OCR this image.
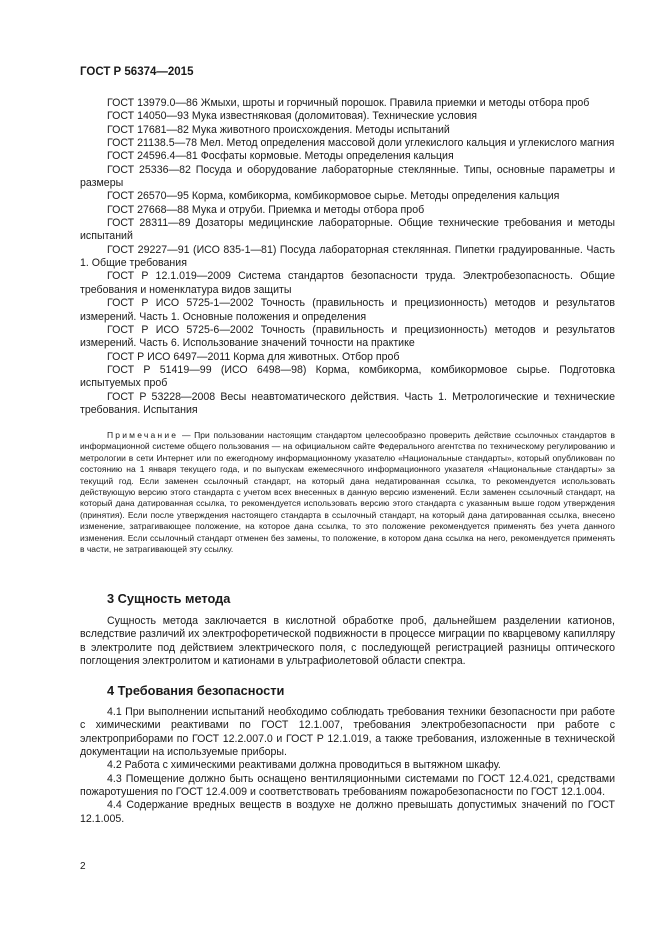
ГОСТ Р 56374—2015

ГОСТ 13979.0—86 Жмыхи, шроты и горчичный порошок. Правила приемки и методы отбора проб

ГОСТ 14050—93 Мука известняковая (доломитовая). Технические условия

ГОСТ 17681—82 Мука животного происхождения. Методы испытаний

ГОСТ 21138.5—78 Мел. Метод определения массовой доли углекислого кальция и углекислого магния

ГОСТ 24596.4—81 Фосфаты кормовые. Методы определения кальция

ГОСТ 25336—82 Посуда и оборудование лабораторные стеклянные. Типы, основные параметры и размеры

ГОСТ 26570—95 Корма, комбикорма, комбикормовое сырье. Методы определения кальция

ГОСТ 27668—88 Мука и отруби. Приемка и методы отбора проб

ГОСТ 28311—89 Дозаторы медицинские лабораторные. Общие технические требования и методы испытаний

ГОСТ 29227—91 (ИСО 835-1—81) Посуда лабораторная стеклянная. Пипетки градуированные. Часть 1. Общие требования

ГОСТ Р 12.1.019—2009 Система стандартов безопасности труда. Электробезопасность. Общие требования и номенклатура видов защиты

ГОСТ Р ИСО 5725-1—2002 Точность (правильность и прецизионность) методов и результатов измерений. Часть 1. Основные положения и определения

ГОСТ Р ИСО 5725-6—2002 Точность (правильность и прецизионность) методов и результатов измерений. Часть 6. Использование значений точности на практике

ГОСТ Р ИСО 6497—2011 Корма для животных. Отбор проб

ГОСТ Р 51419—99 (ИСО 6498—98) Корма, комбикорма, комбикормовое сырье. Подготовка испытуемых проб

ГОСТ Р 53228—2008 Весы неавтоматического действия. Часть 1. Метрологические и технические требования. Испытания

Примечание — При пользовании настоящим стандартом целесообразно проверить действие ссылочных стандартов в информационной системе общего пользования — на официальном сайте Федерального агентства по техническому регулированию и метрологии в сети Интернет или по ежегодному информационному указателю «Национальные стандарты», который опубликован по состоянию на 1 января текущего года, и по выпускам ежемесячного информационного указателя «Национальные стандарты» за текущий год. Если заменен ссылочный стандарт, на который дана недатированная ссылка, то рекомендуется использовать действующую версию этого стандарта с учетом всех внесенных в данную версию изменений. Если заменен ссылочный стандарт, на который дана датированная ссылка, то рекомендуется использовать версию этого стандарта с указанным выше годом утверждения (принятия). Если после утверждения настоящего стандарта в ссылочный стандарт, на который дана датированная ссылка, внесено изменение, затрагивающее положение, на которое дана ссылка, то это положение рекомендуется применять без учета данного изменения. Если ссылочный стандарт отменен без замены, то положение, в котором дана ссылка на него, рекомендуется применять в части, не затрагивающей эту ссылку.

3 Сущность метода

Сущность метода заключается в кислотной обработке проб, дальнейшем разделении катионов, вследствие различий их электрофоретической подвижности в процессе миграции по кварцевому капилляру в электролите под действием электрического поля, с последующей регистрацией разницы оптического поглощения электролитом и катионами в ультрафиолетовой области спектра.

4 Требования безопасности

4.1 При выполнении испытаний необходимо соблюдать требования техники безопасности при работе с химическими реактивами по ГОСТ 12.1.007, требования электробезопасности при работе с электроприборами по ГОСТ 12.2.007.0 и ГОСТ Р 12.1.019, а также требования, изложенные в технической документации на используемые приборы.

4.2 Работа с химическими реактивами должна проводиться в вытяжном шкафу.

4.3 Помещение должно быть оснащено вентиляционными системами по ГОСТ 12.4.021, средствами пожаротушения по ГОСТ 12.4.009 и соответствовать требованиям пожаробезопасности по ГОСТ 12.1.004.

4.4 Содержание вредных веществ в воздухе не должно превышать допустимых значений по ГОСТ 12.1.005.

2
